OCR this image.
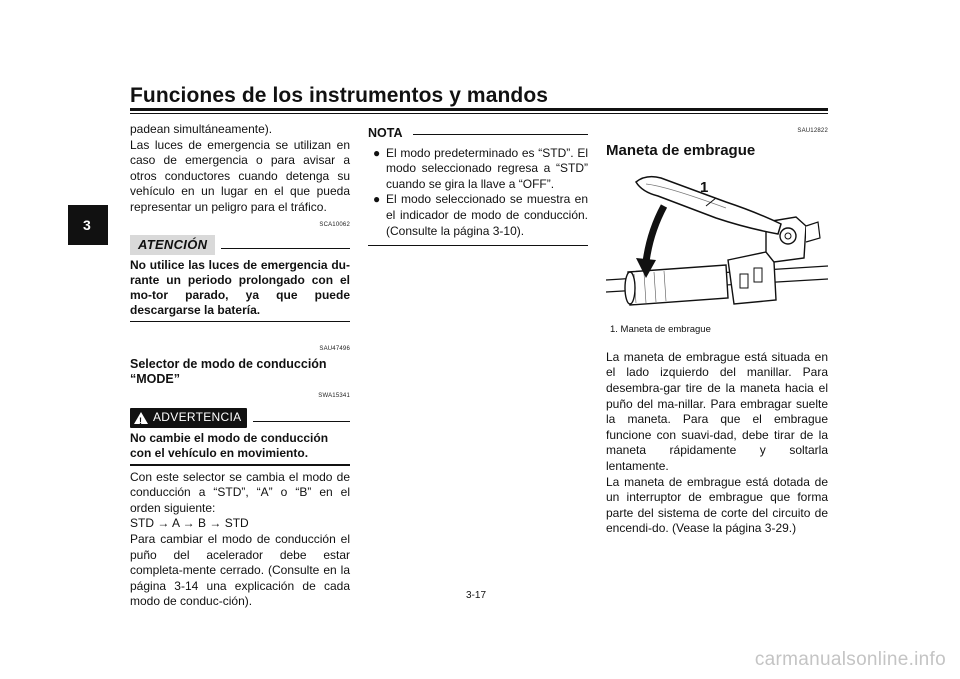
Funciones de los instrumentos y mandos
3

padean simultáneamente).

Las luces de emergencia se utilizan en caso de emergencia o para avisar a otros conductores cuando detenga su vehículo en un lugar en el que pueda representar un peligro para el tráfico.

SCA10062
ATENCIÓN
No utilice las luces de emergencia du-rante un periodo prolongado con el mo-tor parado, ya que puede descargarse la batería.
SAU47496
Selector de modo de conducción “MODE”
SWA15341
! ADVERTENCIA
No cambie el modo de conducción con el vehículo en movimiento.

Con este selector se cambia el modo de conducción a “STD”, “A” o “B” en el orden siguiente:

STD → A → B → STD

Para cambiar el modo de conducción el puño del acelerador debe estar completa-mente cerrado. (Consulte en la página 3-14 una explicación de cada modo de conduc-ción).

NOTA
● El modo predeterminado es “STD”. El modo seleccionado regresa a “STD” cuando se gira la llave a “OFF”.
● El modo seleccionado se muestra en el indicador de modo de conducción. (Consulte la página 3-10).
SAU12822
Maneta de embrague
1
1. Maneta de embrague

La maneta de embrague está situada en el lado izquierdo del manillar. Para desembra-gar tire de la maneta hacia el puño del ma-nillar. Para embragar suelte la maneta. Para que el embrague funcione con suavi-dad, debe tirar de la maneta rápidamente y soltarla lentamente.

La maneta de embrague está dotada de un interruptor de embrague que forma parte del sistema de corte del circuito de encendi-do. (Vease la página 3-29.)

3-17
carmanualsonline.info
